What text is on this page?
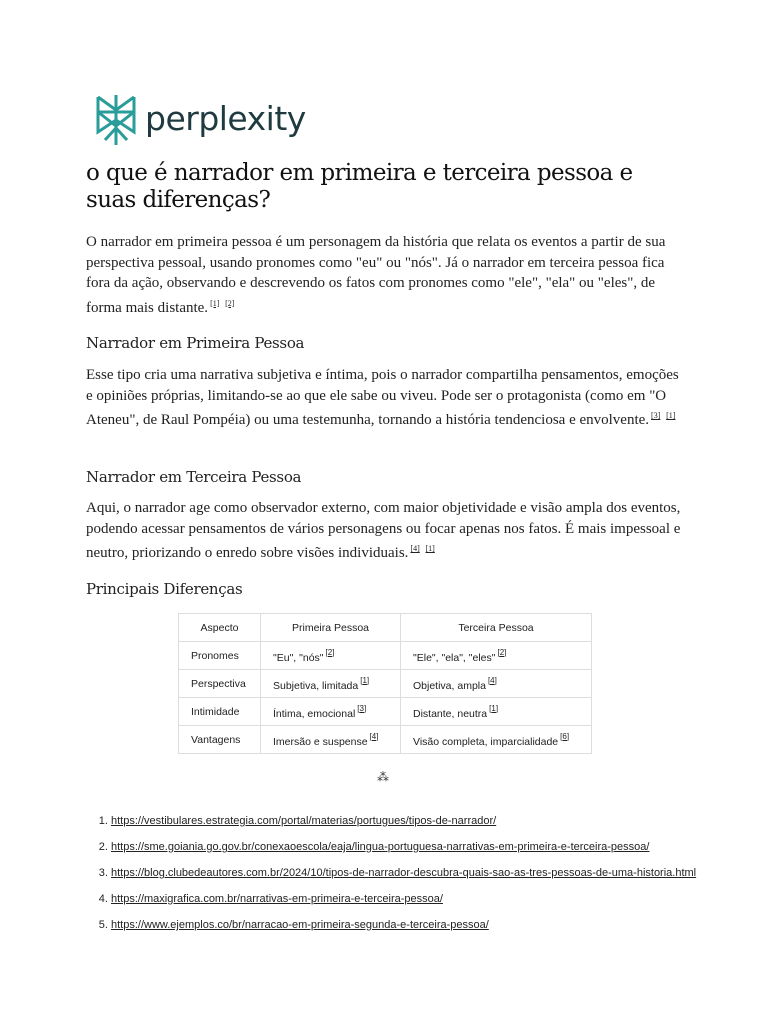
perplexity
o que é narrador em primeira e terceira pessoa e suas diferenças?

O narrador em primeira pessoa é um personagem da história que relata os eventos a partir de sua perspectiva pessoal, usando pronomes como "eu" ou "nós". Já o narrador em terceira pessoa fica fora da ação, observando e descrevendo os fatos com pronomes como "ele", "ela" ou "eles", de forma mais distante. [1] [2]

Narrador em Primeira Pessoa

Esse tipo cria uma narrativa subjetiva e íntima, pois o narrador compartilha pensamentos, emoções e opiniões próprias, limitando-se ao que ele sabe ou viveu. Pode ser o protagonista (como em "O Ateneu", de Raul Pompéia) ou uma testemunha, tornando a história tendenciosa e envolvente. [3] [1]

Narrador em Terceira Pessoa

Aqui, o narrador age como observador externo, com maior objetividade e visão ampla dos eventos, podendo acessar pensamentos de vários personagens ou focar apenas nos fatos. É mais impessoal e neutro, priorizando o enredo sobre visões individuais. [4] [1]

Principais Diferenças
Aspecto	Primeira Pessoa	Terceira Pessoa
Pronomes	"Eu", "nós" [2]	"Ele", "ela", "eles" [2]
Perspectiva	Subjetiva, limitada [1]	Objetiva, ampla [4]
Intimidade	Íntima, emocional [3]	Distante, neutra [1]
Vantagens	Imersão e suspense [4]	Visão completa, imparcialidade [6]
⁂
1. https://vestibulares.estrategia.com/portal/materias/portugues/tipos-de-narrador/
2. https://sme.goiania.go.gov.br/conexaoescola/eaja/lingua-portuguesa-narrativas-em-primeira-e-terceira-pessoa/
3. https://blog.clubedeautores.com.br/2024/10/tipos-de-narrador-descubra-quais-sao-as-tres-pessoas-de-uma-historia.html
4. https://maxigrafica.com.br/narrativas-em-primeira-e-terceira-pessoa/
5. https://www.ejemplos.co/br/narracao-em-primeira-segunda-e-terceira-pessoa/
